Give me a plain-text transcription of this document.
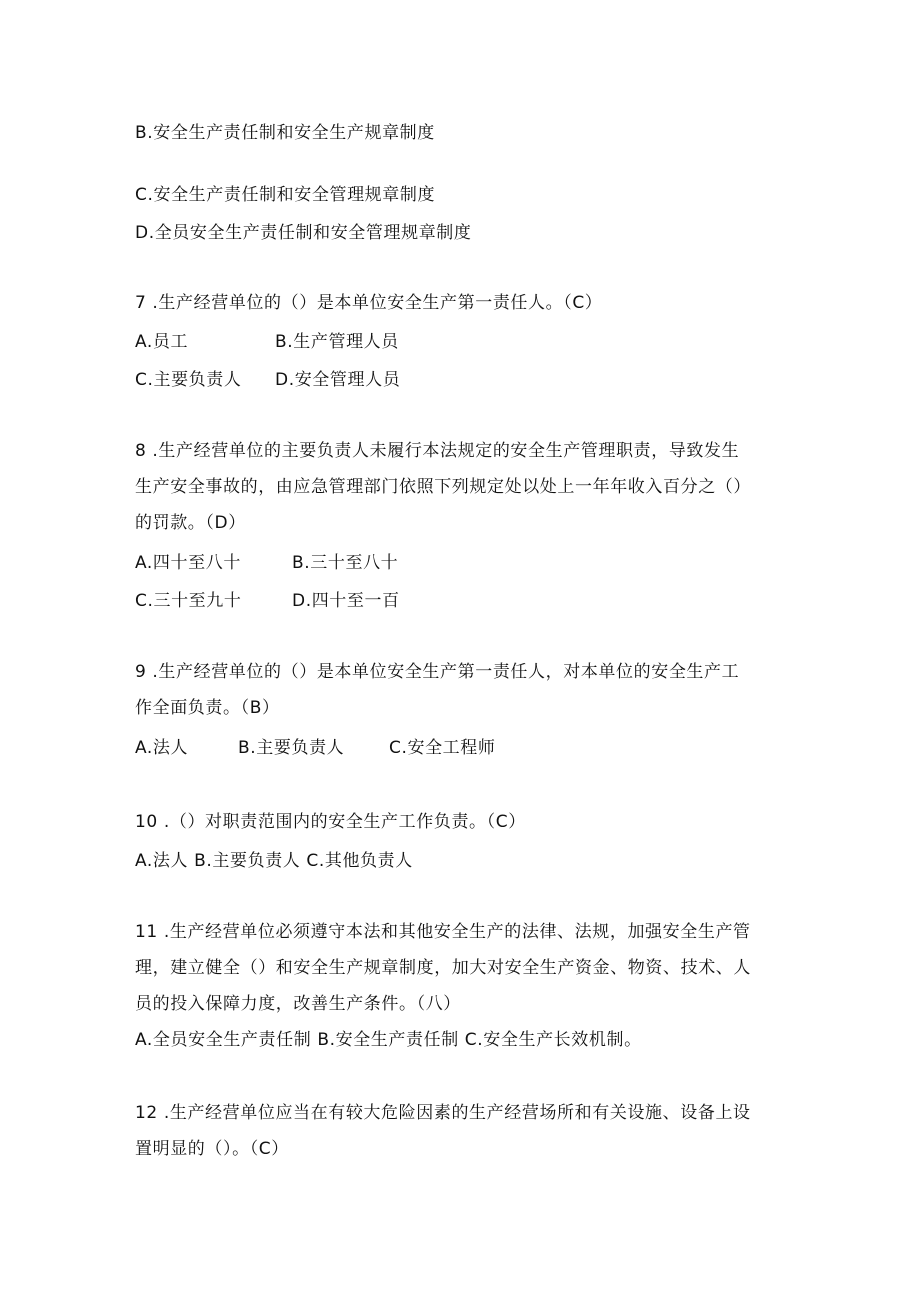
B.安全生产责任制和安全生产规章制度
C.安全生产责任制和安全管理规章制度
D.全员安全生产责任制和安全管理规章制度
7 .生产经营单位的（）是本单位安全生产第一责任人。（C）
A.员工	B.生产管理人员
C.主要负责人 D.安全管理人员
8 .生产经营单位的主要负责人未履行本法规定的安全生产管理职责，导致发生
生产安全事故的，由应急管理部门依照下列规定处以处上一年年收入百分之（）
的罚款。（D）
A.四十至八十	B.三十至八十
C.三十至九十	D.四十至一百
9 .生产经营单位的（）是本单位安全生产第一责任人，对本单位的安全生产工
作全面负责。（B）
A.法人	B.主要负责人	C.安全工程师
10 .（）对职责范围内的安全生产工作负责。（C）
A.法人 B.主要负责人 C.其他负责人
11 .生产经营单位必须遵守本法和其他安全生产的法律、法规，加强安全生产管
理，建立健全（）和安全生产规章制度，加大对安全生产资金、物资、技术、人
员的投入保障力度，改善生产条件。（八）
A.全员安全生产责任制 B.安全生产责任制 C.安全生产长效机制。
12 .生产经营单位应当在有较大危险因素的生产经营场所和有关设施、设备上设
置明显的（）。（C）
